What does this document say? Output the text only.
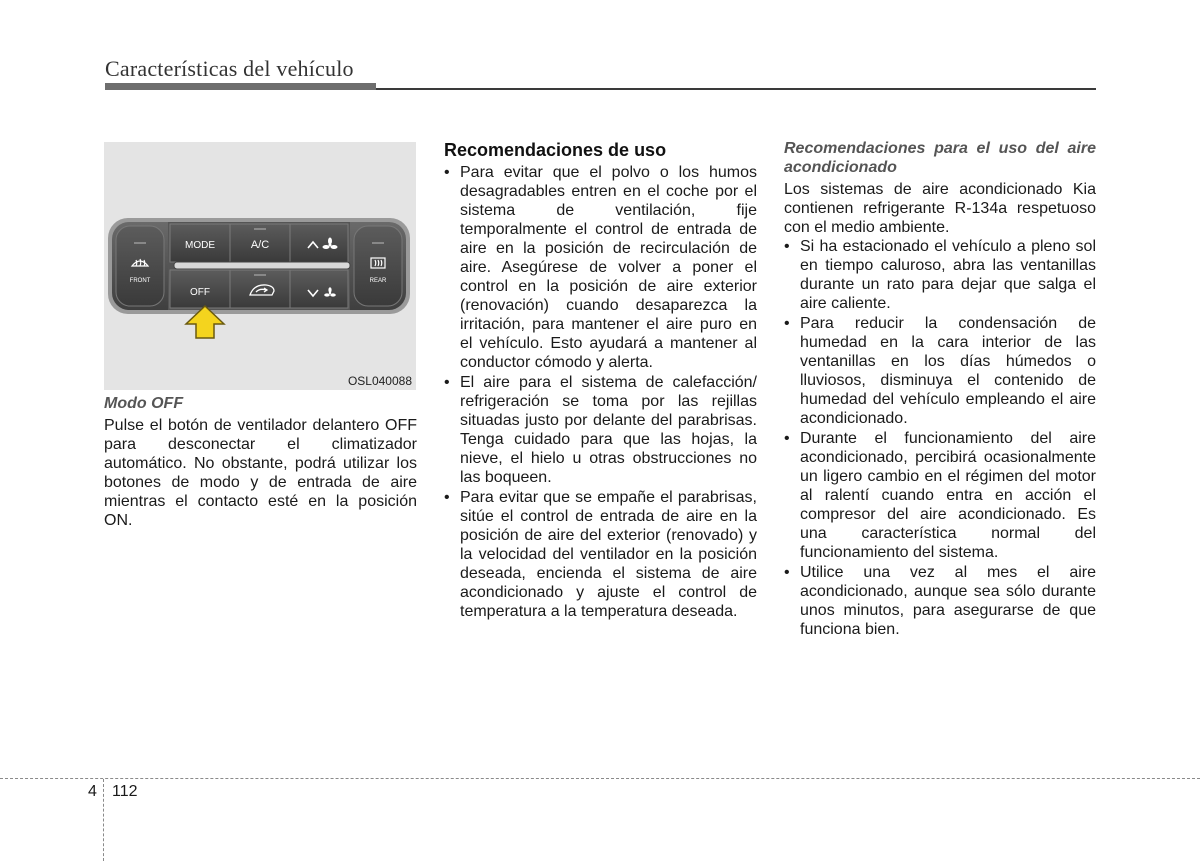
Características del vehículo
MODE	A/C
OFF
FRONT	REAR
OSL040088

Modo OFF

Pulse el botón de ventilador delantero OFF para desconectar el climatizador automático. No obstante, podrá utilizar los botones de modo y de entrada de aire mientras el contacto esté en la posición ON.

Recomendaciones de uso

• Para evitar que el polvo o los humos desagradables entren en el coche por el sistema de ventilación, fije temporalmente el control de entrada de aire en la posición de recirculación de aire. Asegúrese de volver a poner el control en la posición de aire exterior (renovación) cuando desaparezca la irritación, para mantener el aire puro en el vehículo. Esto ayudará a mantener al conductor cómodo y alerta.
• El aire para el sistema de calefacción/ refrigeración se toma por las rejillas situadas justo por delante del parabrisas. Tenga cuidado para que las hojas, la nieve, el hielo u otras obstrucciones no las boqueen.
• Para evitar que se empañe el parabrisas, sitúe el control de entrada de aire en la posición de aire del exterior (renovado) y la velocidad del ventilador en la posición deseada, encienda el sistema de aire acondicionado y ajuste el control de temperatura a la temperatura deseada.

Recomendaciones para el uso del aire acondicionado

Los sistemas de aire acondicionado Kia contienen refrigerante R-134a respetuoso con el medio ambiente.

• Si ha estacionado el vehículo a pleno sol en tiempo caluroso, abra las ventanillas durante un rato para dejar que salga el aire caliente.
• Para reducir la condensación de humedad en la cara interior de las ventanillas en los días húmedos o lluviosos, disminuya el contenido de humedad del vehículo empleando el aire acondicionado.
• Durante el funcionamiento del aire acondicionado, percibirá ocasionalmente un ligero cambio en el régimen del motor al ralentí cuando entra en acción el compresor del aire acondicionado. Es una característica normal del funcionamiento del sistema.
• Utilice una vez al mes el aire acondicionado, aunque sea sólo durante unos minutos, para asegurarse de que funciona bien.
4 112
